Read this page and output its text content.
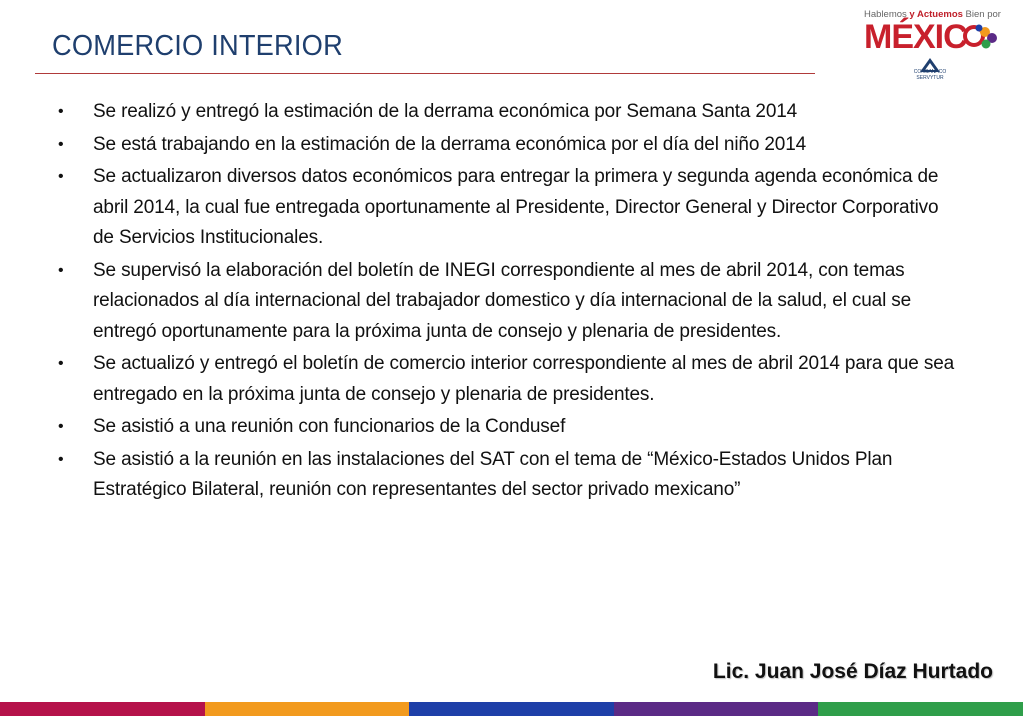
COMERCIO INTERIOR
Hablemos y Actuemos Bien por
MÉXIC
CONCANACO
SERVYTUR
•	Se realizó y entregó la estimación de la derrama económica por Semana Santa 2014
•	Se está trabajando en la estimación de la derrama económica por el día del niño 2014
•	Se actualizaron diversos datos económicos para entregar la primera y segunda agenda económica de abril 2014, la cual fue entregada oportunamente al Presidente, Director General y Director Corporativo de Servicios Institucionales.
•	Se supervisó la elaboración del boletín de INEGI correspondiente al mes de abril 2014, con temas relacionados al día internacional del trabajador domestico y día internacional de la salud, el cual se entregó oportunamente para la próxima junta de consejo y plenaria de presidentes.
•	Se actualizó y entregó el boletín de comercio interior correspondiente al mes de abril 2014 para que sea entregado en la próxima junta de consejo y plenaria de presidentes.
•	Se asistió a una reunión con funcionarios de la Condusef
•	Se asistió a la reunión en las instalaciones del SAT con el tema de “México-Estados Unidos Plan Estratégico Bilateral, reunión con representantes del sector privado mexicano”
Lic. Juan José Díaz Hurtado
